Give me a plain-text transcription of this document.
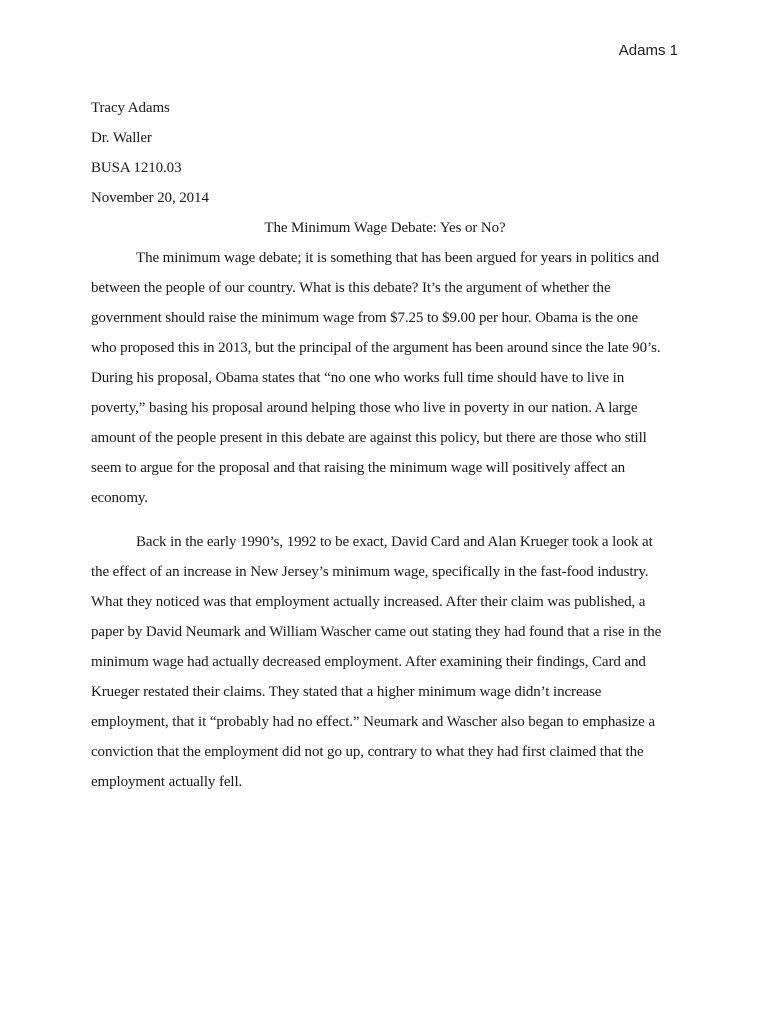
Adams 1
Tracy Adams
Dr. Waller
BUSA 1210.03
November 20, 2014
The Minimum Wage Debate: Yes or No?
The minimum wage debate; it is something that has been argued for years in politics and
between the people of our country. What is this debate? It’s the argument of whether the
government should raise the minimum wage from $7.25 to $9.00 per hour. Obama is the one
who proposed this in 2013, but the principal of the argument has been around since the late 90’s.
During his proposal, Obama states that “no one who works full time should have to live in
poverty,” basing his proposal around helping those who live in poverty in our nation. A large
amount of the people present in this debate are against this policy, but there are those who still
seem to argue for the proposal and that raising the minimum wage will positively affect an
economy.
Back in the early 1990’s, 1992 to be exact, David Card and Alan Krueger took a look at
the effect of an increase in New Jersey’s minimum wage, specifically in the fast-food industry.
What they noticed was that employment actually increased. After their claim was published, a
paper by David Neumark and William Wascher came out stating they had found that a rise in the
minimum wage had actually decreased employment. After examining their findings, Card and
Krueger restated their claims. They stated that a higher minimum wage didn’t increase
employment, that it “probably had no effect.” Neumark and Wascher also began to emphasize a
conviction that the employment did not go up, contrary to what they had first claimed that the
employment actually fell.
